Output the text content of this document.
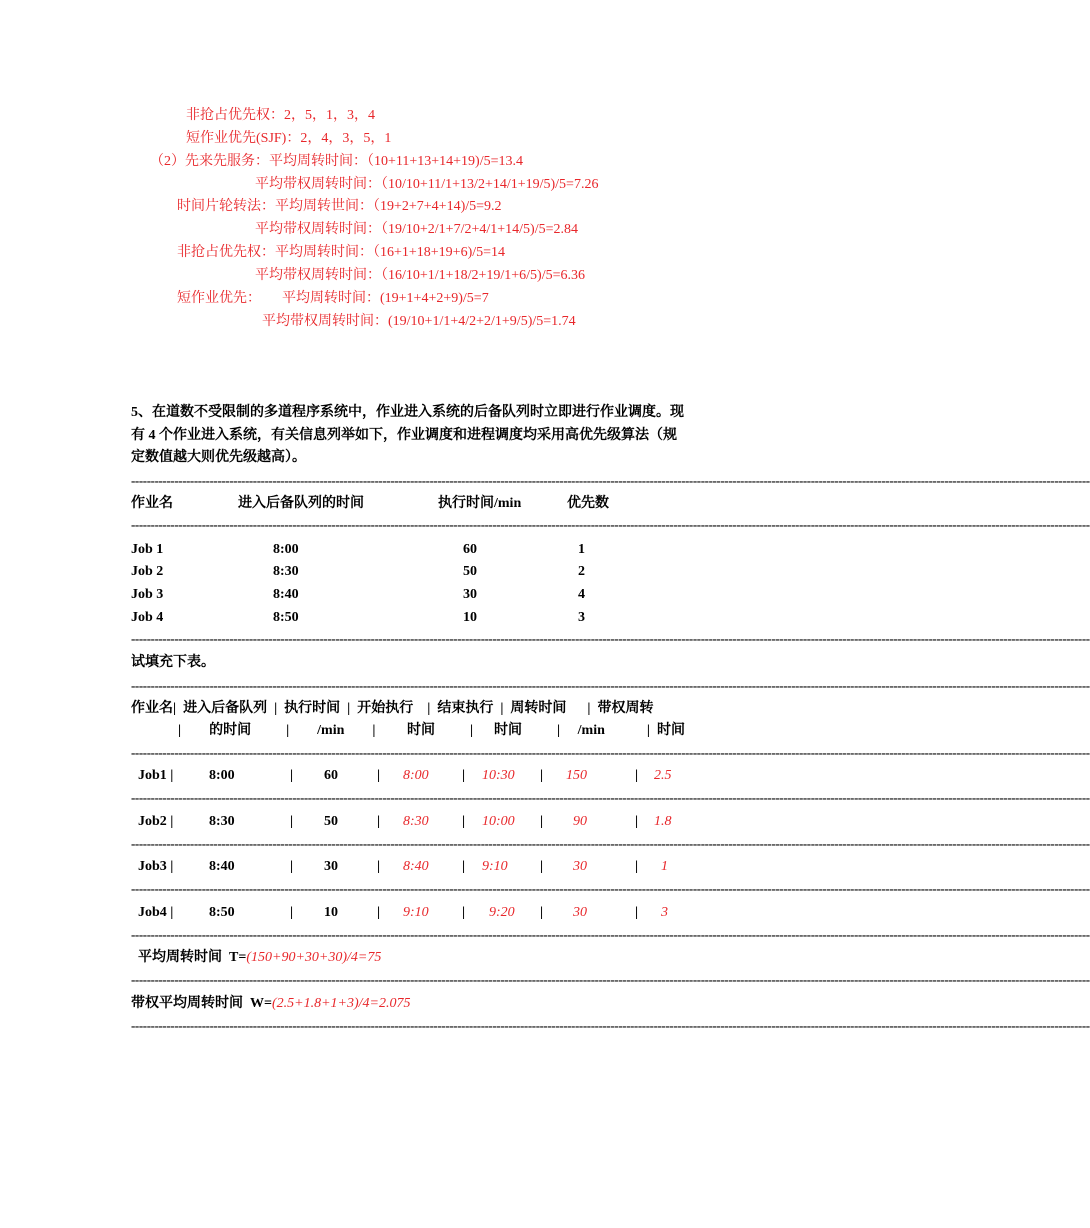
非抢占优先权：2，5，1，3，4
短作业优先(SJF)：2，4，3，5，1
（2）先来先服务：平均周转时间：（10+11+13+14+19)/5=13.4
平均带权周转时间：（10/10+11/1+13/2+14/1+19/5)/5=7.26
时间片轮转法：平均周转世间：（19+2+7+4+14)/5=9.2
平均带权周转时间：（19/10+2/1+7/2+4/1+14/5)/5=2.84
非抢占优先权：平均周转时间：（16+1+18+19+6)/5=14
平均带权周转时间：（16/10+1/1+18/2+19/1+6/5)/5=6.36
短作业优先：      平均周转时间：(19+1+4+2+9)/5=7
平均带权周转时间：(19/10+1/1+4/2+2/1+9/5)/5=1.74
5、在道数不受限制的多道程序系统中，作业进入系统的后备队列时立即进行作业调度。现
有 4 个作业进入系统，有关信息列举如下，作业调度和进程调度均采用高优先级算法（规
定数值越大则优先级越高）。
----------------------------------------------------------------------------------------------------------------------------------------------------------------------------------------------------------------------------------------------------
作业名	进入后备队列的时间	执行时间/min	优先数
----------------------------------------------------------------------------------------------------------------------------------------------------------------------------------------------------------------------------------------------------
Job 1	8:00	60	1
Job 2	8:30	50	2
Job 3	8:40	30	4
Job 4	8:50	10	3
----------------------------------------------------------------------------------------------------------------------------------------------------------------------------------------------------------------------------------------------------
试填充下表。
----------------------------------------------------------------------------------------------------------------------------------------------------------------------------------------------------------------------------------------------------
作业名|  进入后备队列  |  执行时间  |  开始执行    |  结束执行  |  周转时间      |  带权周转
|        的时间          |        /min        |         时间          |      时间          |     /min            |  时间
----------------------------------------------------------------------------------------------------------------------------------------------------------------------------------------------------------------------------------------------------
Job1 |	8:00	| 60	| 8:00 | 10:30 | 150	| 2.5
----------------------------------------------------------------------------------------------------------------------------------------------------------------------------------------------------------------------------------------------------
Job2 |	8:30	| 50	| 8:30 | 10:00 | 90	| 1.8
----------------------------------------------------------------------------------------------------------------------------------------------------------------------------------------------------------------------------------------------------
Job3 |	8:40	| 30	| 8:40 | 9:10 | 30	| 1
----------------------------------------------------------------------------------------------------------------------------------------------------------------------------------------------------------------------------------------------------
Job4 |	8:50	| 10	| 9:10 | 9:20 | 30	| 3
----------------------------------------------------------------------------------------------------------------------------------------------------------------------------------------------------------------------------------------------------
平均周转时间  T=(150+90+30+30)/4=75
----------------------------------------------------------------------------------------------------------------------------------------------------------------------------------------------------------------------------------------------------
带权平均周转时间  W=(2.5+1.8+1+3)/4=2.075
----------------------------------------------------------------------------------------------------------------------------------------------------------------------------------------------------------------------------------------------------
